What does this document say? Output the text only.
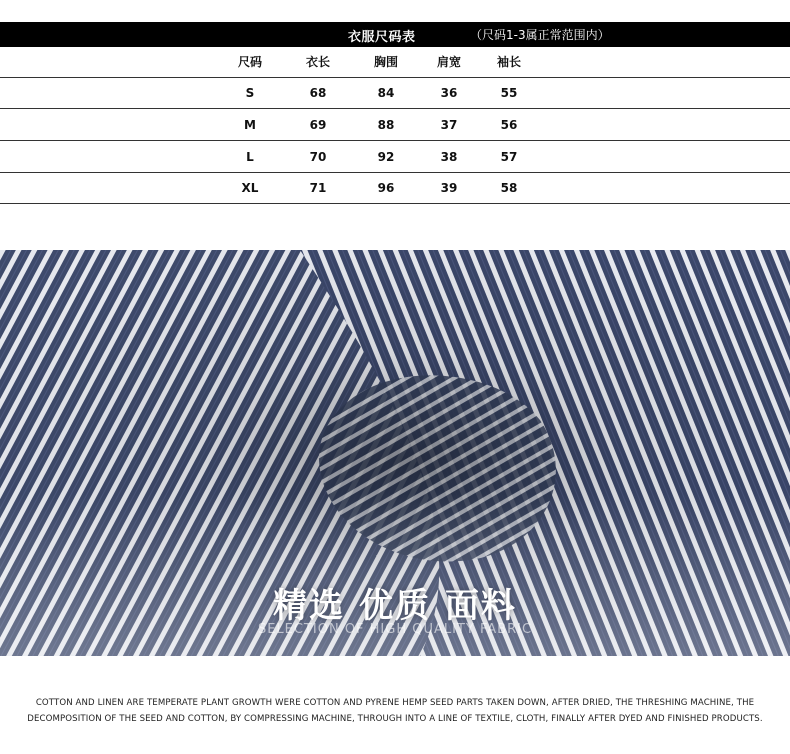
衣服尺码表	（尺码1-3属正常范围内）
尺码	衣长	胸围	肩宽	袖长
S	68	84	36	55
M	69	88	37	56
L	70	92	38	57
XL	71	96	39	58
精选 优质 面料
SELECTION OF HIGH QUALITY FABRIC
COTTON AND LINEN ARE TEMPERATE PLANT GROWTH WERE COTTON AND PYRENE HEMP SEED PARTS TAKEN DOWN, AFTER DRIED, THE THRESHING MACHINE, THE
DECOMPOSITION OF THE SEED AND COTTON, BY COMPRESSING MACHINE, THROUGH INTO A LINE OF TEXTILE, CLOTH, FINALLY AFTER DYED AND FINISHED PRODUCTS.
